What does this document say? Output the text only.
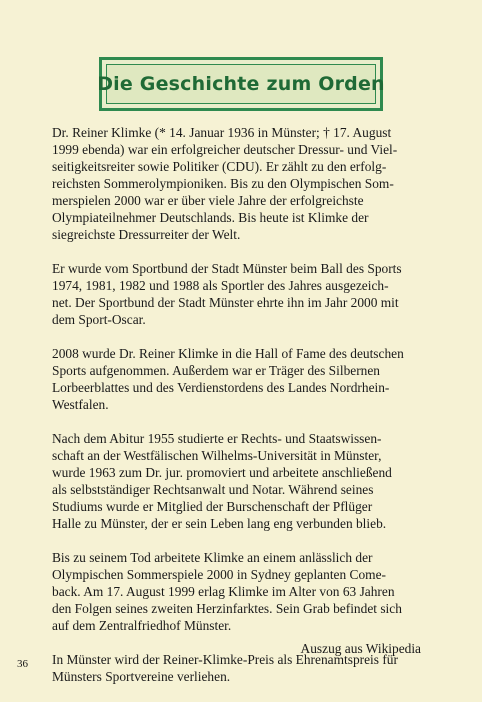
Die Geschichte zum Orden

Dr. Reiner Klimke (* 14. Januar 1936 in Münster; † 17. August
1999 ebenda) war ein erfolgreicher deutscher Dressur- und Viel-
seitigkeitsreiter sowie Politiker (CDU). Er zählt zu den erfolg-
reichsten Sommerolympioniken. Bis zu den Olympischen Som-
merspielen 2000 war er über viele Jahre der erfolgreichste
Olympiateilnehmer Deutschlands. Bis heute ist Klimke der
siegreichste Dressurreiter der Welt.

Er wurde vom Sportbund der Stadt Münster beim Ball des Sports
1974, 1981, 1982 und 1988 als Sportler des Jahres ausgezeich-
net. Der Sportbund der Stadt Münster ehrte ihn im Jahr 2000 mit
dem Sport-Oscar.

2008 wurde Dr. Reiner Klimke in die Hall of Fame des deutschen
Sports aufgenommen. Außerdem war er Träger des Silbernen
Lorbeerblattes und des Verdienstordens des Landes Nordrhein-
Westfalen.

Nach dem Abitur 1955 studierte er Rechts- und Staatswissen-
schaft an der Westfälischen Wilhelms-Universität in Münster,
wurde 1963 zum Dr. jur. promoviert und arbeitete anschließend
als selbstständiger Rechtsanwalt und Notar. Während seines
Studiums wurde er Mitglied der Burschenschaft der Pflüger
Halle zu Münster, der er sein Leben lang eng verbunden blieb.

Bis zu seinem Tod arbeitete Klimke an einem anlässlich der
Olympischen Sommerspiele 2000 in Sydney geplanten Come-
back. Am 17. August 1999 erlag Klimke im Alter von 63 Jahren
den Folgen seines zweiten Herzinfarktes. Sein Grab befindet sich
auf dem Zentralfriedhof Münster.

In Münster wird der Reiner-Klimke-Preis als Ehrenamtspreis für
Münsters Sportvereine verliehen.

Auszug aus Wikipedia
36
